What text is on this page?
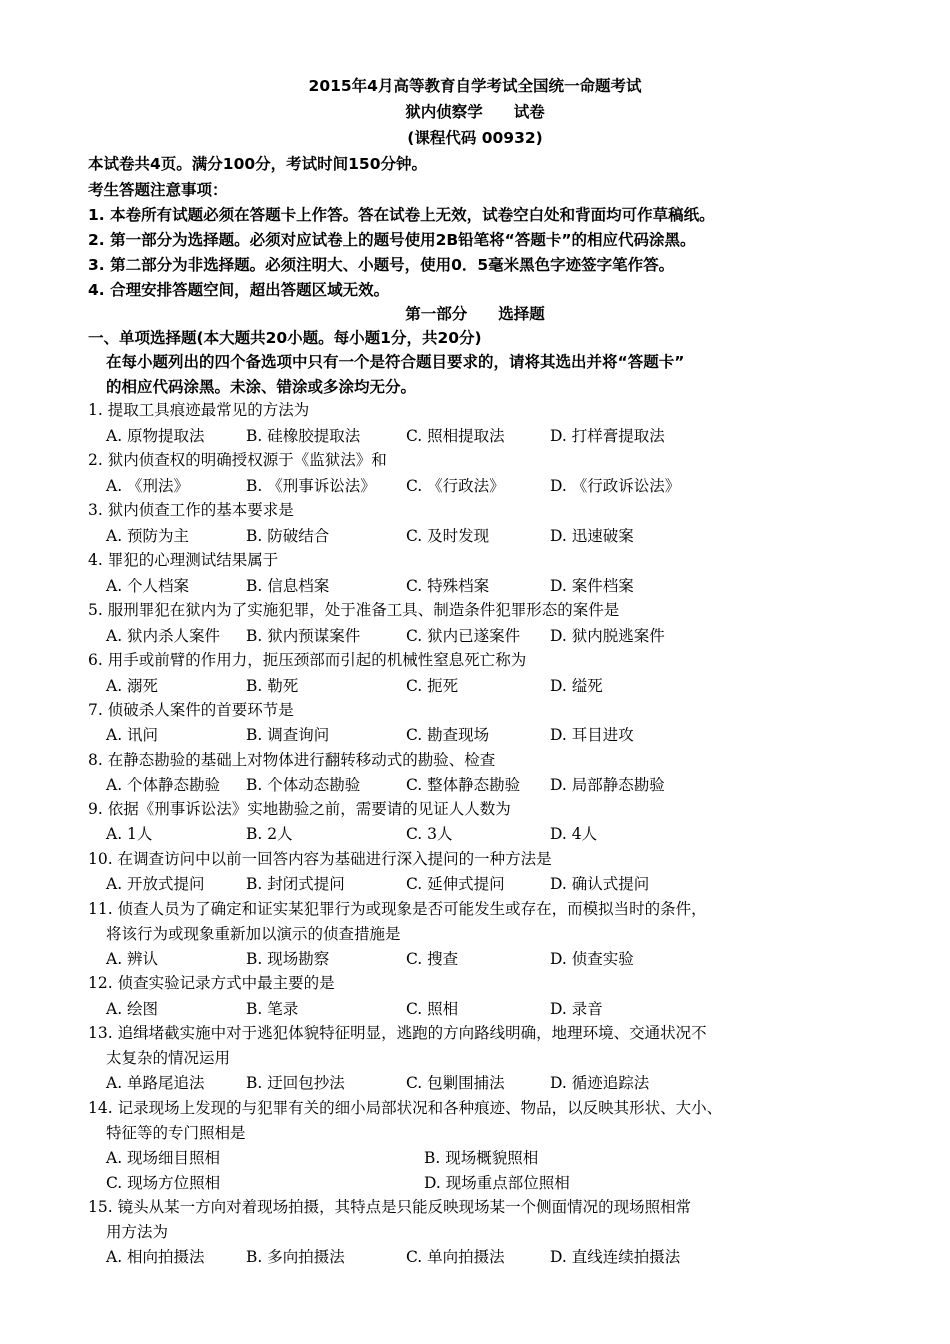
2015年4月高等教育自学考试全国统一命题考试
狱内侦察学　　试卷
(课程代码 00932)
本试卷共4页。满分100分，考试时间150分钟。
考生答题注意事项：
1. 本卷所有试题必须在答题卡上作答。答在试卷上无效，试卷空白处和背面均可作草稿纸。
2. 第一部分为选择题。必须对应试卷上的题号使用2B铅笔将“答题卡”的相应代码涂黑。
3. 第二部分为非选择题。必须注明大、小题号，使用0．5毫米黑色字迹签字笔作答。
4. 合理安排答题空间，超出答题区域无效。
第一部分　　选择题
一、单项选择题(本大题共20小题。每小题1分，共20分)
在每小题列出的四个备选项中只有一个是符合题目要求的，请将其选出并将“答题卡”
的相应代码涂黑。未涂、错涂或多涂均无分。
1. 提取工具痕迹最常见的方法为
A. 原物提取法	B. 硅橡胶提取法	C. 照相提取法	D. 打样膏提取法
2. 狱内侦查权的明确授权源于《监狱法》和
A. 《刑法》	B. 《刑事诉讼法》 C. 《行政法》	D. 《行政诉讼法》
3. 狱内侦查工作的基本要求是
A. 预防为主	B. 防破结合	C. 及时发现	D. 迅速破案
4. 罪犯的心理测试结果属于
A. 个人档案	B. 信息档案	C. 特殊档案	D. 案件档案
5. 服刑罪犯在狱内为了实施犯罪，处于准备工具、制造条件犯罪形态的案件是
A. 狱内杀人案件 B. 狱内预谋案件	C. 狱内已遂案件 D. 狱内脱逃案件
6. 用手或前臂的作用力，扼压颈部而引起的机械性窒息死亡称为
A. 溺死	B. 勒死	C. 扼死	D. 缢死
7. 侦破杀人案件的首要环节是
A. 讯问	B. 调查询问	C. 勘查现场	D. 耳目进攻
8. 在静态勘验的基础上对物体进行翻转移动式的勘验、检查
A. 个体静态勘验 B. 个体动态勘验	C. 整体静态勘验 D. 局部静态勘验
9. 依据《刑事诉讼法》实地勘验之前，需要请的见证人人数为
A. 1人	B. 2人	C. 3人	D. 4人
10. 在调查访问中以前一回答内容为基础进行深入提问的一种方法是
A. 开放式提问	B. 封闭式提问	C. 延伸式提问	D. 确认式提问
11. 侦查人员为了确定和证实某犯罪行为或现象是否可能发生或存在，而模拟当时的条件，
将该行为或现象重新加以演示的侦查措施是
A. 辨认	B. 现场勘察	C. 搜查	D. 侦查实验
12. 侦查实验记录方式中最主要的是
A. 绘图	B. 笔录	C. 照相	D. 录音
13. 追缉堵截实施中对于逃犯体貌特征明显，逃跑的方向路线明确，地理环境、交通状况不
太复杂的情况运用
A. 单路尾追法	B. 迂回包抄法	C. 包剿围捕法	D. 循迹追踪法
14. 记录现场上发现的与犯罪有关的细小局部状况和各种痕迹、物品，以反映其形状、大小、
特征等的专门照相是
A. 现场细目照相	B. 现场概貌照相
C. 现场方位照相	D. 现场重点部位照相
15. 镜头从某一方向对着现场拍摄，其特点是只能反映现场某一个侧面情况的现场照相常
用方法为
A. 相向拍摄法	B. 多向拍摄法	C. 单向拍摄法	D. 直线连续拍摄法
